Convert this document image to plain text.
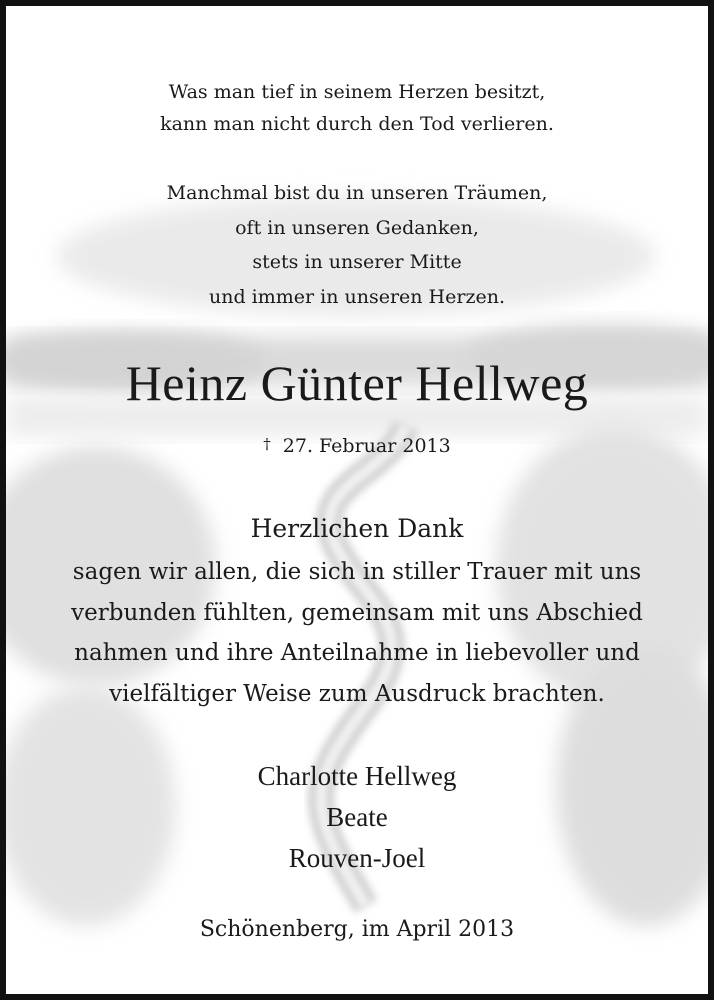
Was man tief in seinem Herzen besitzt,
kann man nicht durch den Tod verlieren.
Manchmal bist du in unseren Träumen,
oft in unseren Gedanken,
stets in unserer Mitte
und immer in unseren Herzen.
Heinz Günter Hellweg
† 27. Februar 2013
Herzlichen Dank
sagen wir allen, die sich in stiller Trauer mit uns
verbunden fühlten, gemeinsam mit uns Abschied
nahmen und ihre Anteilnahme in liebevoller und
vielfältiger Weise zum Ausdruck brachten.
Charlotte Hellweg
Beate
Rouven-Joel
Schönenberg, im April 2013
